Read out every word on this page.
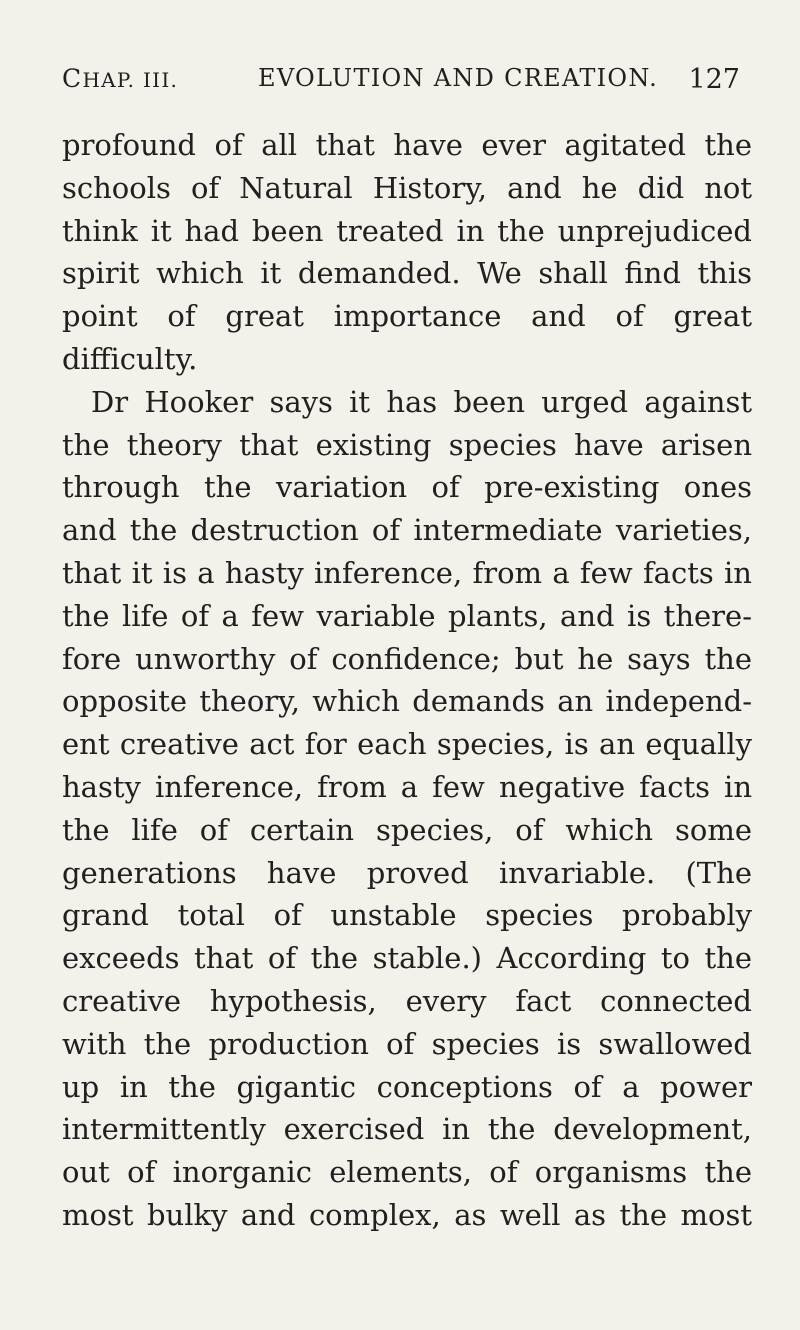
CHAP. III.	EVOLUTION AND CREATION. 127
profound of all that have ever agitated the
schools of Natural History, and he did not
think it had been treated in the unprejudiced
spirit which it demanded. We shall find this
point of great importance and of great
difficulty.
Dr Hooker says it has been urged against
the theory that existing species have arisen
through the variation of pre-existing ones
and the destruction of intermediate varieties,
that it is a hasty inference, from a few facts in
the life of a few variable plants, and is there-
fore unworthy of confidence; but he says the
opposite theory, which demands an independ-
ent creative act for each species, is an equally
hasty inference, from a few negative facts in
the life of certain species, of which some
generations have proved invariable. (The
grand total of unstable species probably
exceeds that of the stable.) According to the
creative hypothesis, every fact connected
with the production of species is swallowed
up in the gigantic conceptions of a power
intermittently exercised in the development,
out of inorganic elements, of organisms the
most bulky and complex, as well as the most
